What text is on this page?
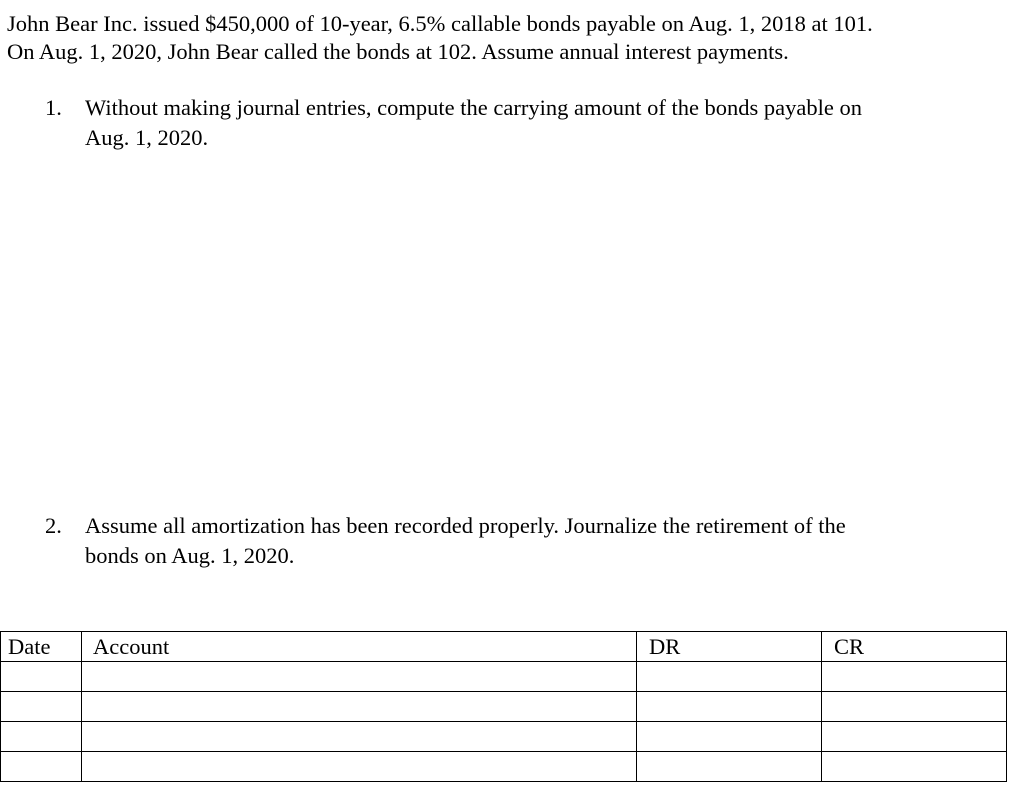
John Bear Inc. issued $450,000 of 10-year, 6.5% callable bonds payable on Aug. 1, 2018 at 101.
On Aug. 1, 2020, John Bear called the bonds at 102. Assume annual interest payments.

1.	Without making journal entries, compute the carrying amount of the bonds payable on
Aug. 1, 2020.
2.	Assume all amortization has been recorded properly. Journalize the retirement of the
bonds on Aug. 1, 2020.
Date	Account	DR	CR
